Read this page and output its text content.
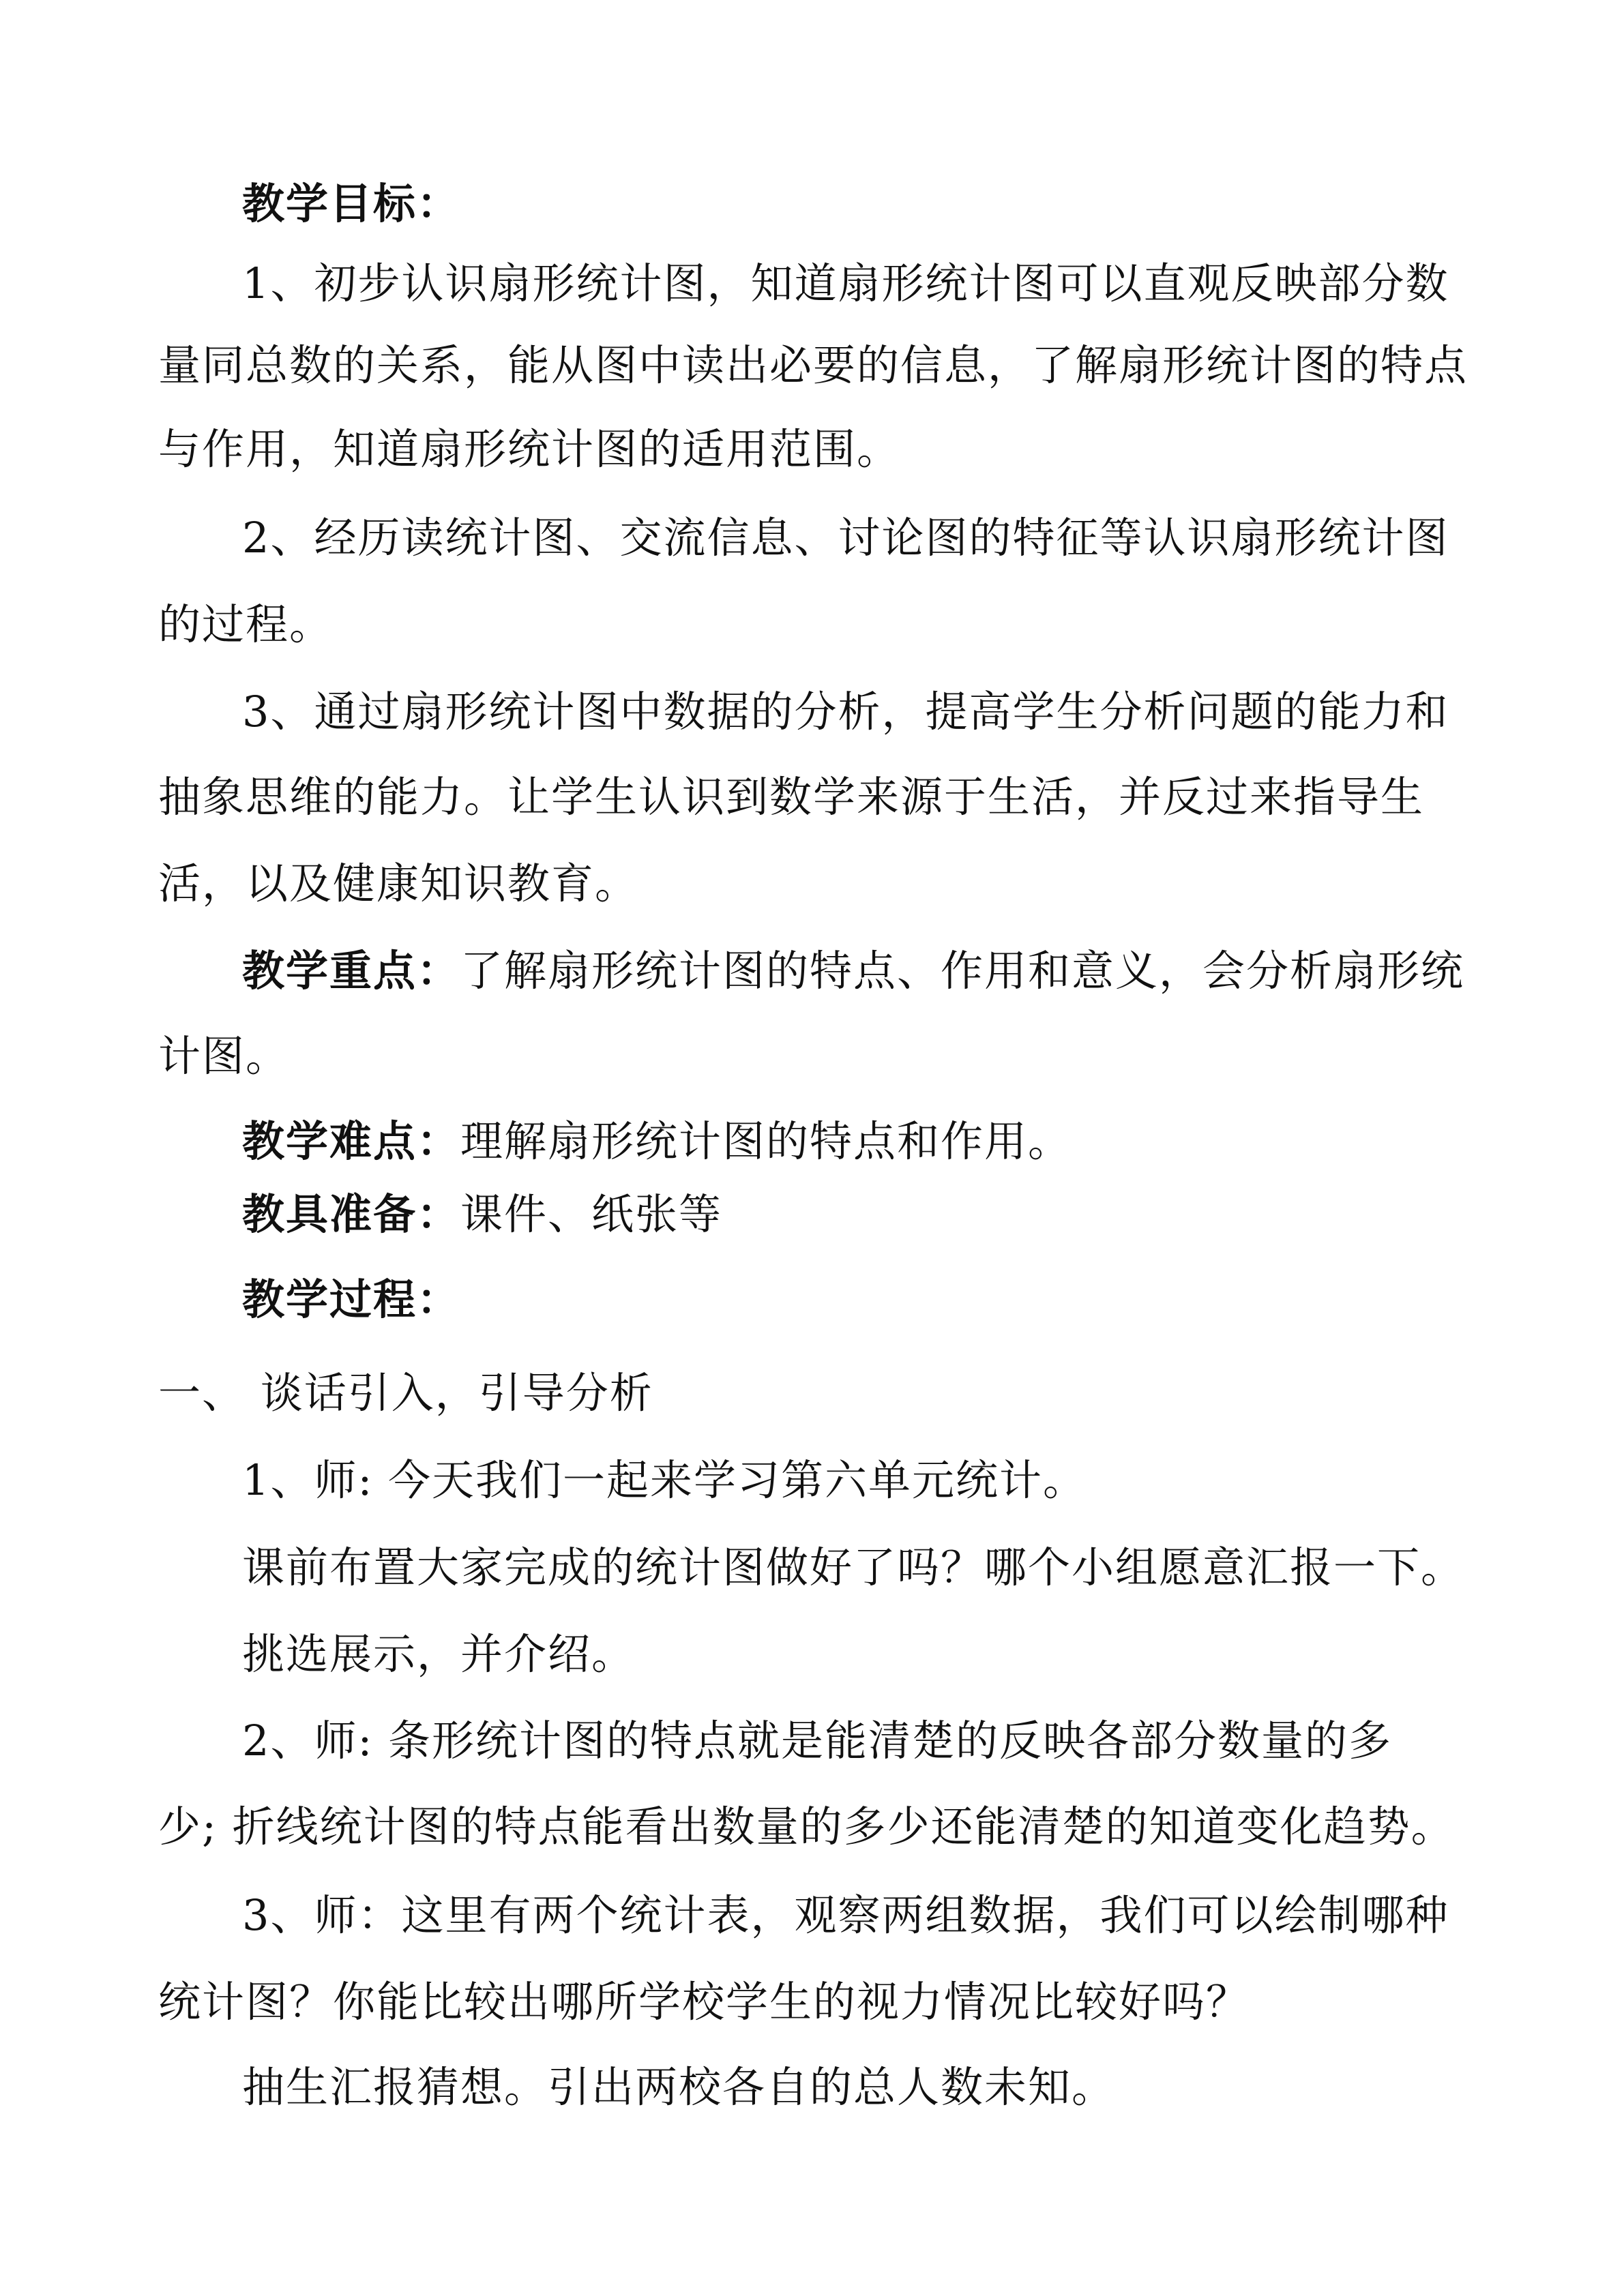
教学目标：
1、初步认识扇形统计图，知道扇形统计图可以直观反映部分数
量同总数的关系，能从图中读出必要的信息，了解扇形统计图的特点
与作用，知道扇形统计图的适用范围。
2、经历读统计图、交流信息、讨论图的特征等认识扇形统计图
的过程。
3、通过扇形统计图中数据的分析，提高学生分析问题的能力和
抽象思维的能力。让学生认识到数学来源于生活，并反过来指导生
活，以及健康知识教育。
教学重点：了解扇形统计图的特点、作用和意义，会分析扇形统
计图。
教学难点：理解扇形统计图的特点和作用。
教具准备：课件、纸张等
教学过程：
一、 谈话引入，引导分析
1、师: 今天我们一起来学习第六单元统计。
课前布置大家完成的统计图做好了吗？哪个小组愿意汇报一下。
挑选展示，并介绍。
2、师: 条形统计图的特点就是能清楚的反映各部分数量的多
少; 折线统计图的特点能看出数量的多少还能清楚的知道变化趋势。
3、师：这里有两个统计表，观察两组数据，我们可以绘制哪种
统计图？你能比较出哪所学校学生的视力情况比较好吗？
抽生汇报猜想。引出两校各自的总人数未知。
